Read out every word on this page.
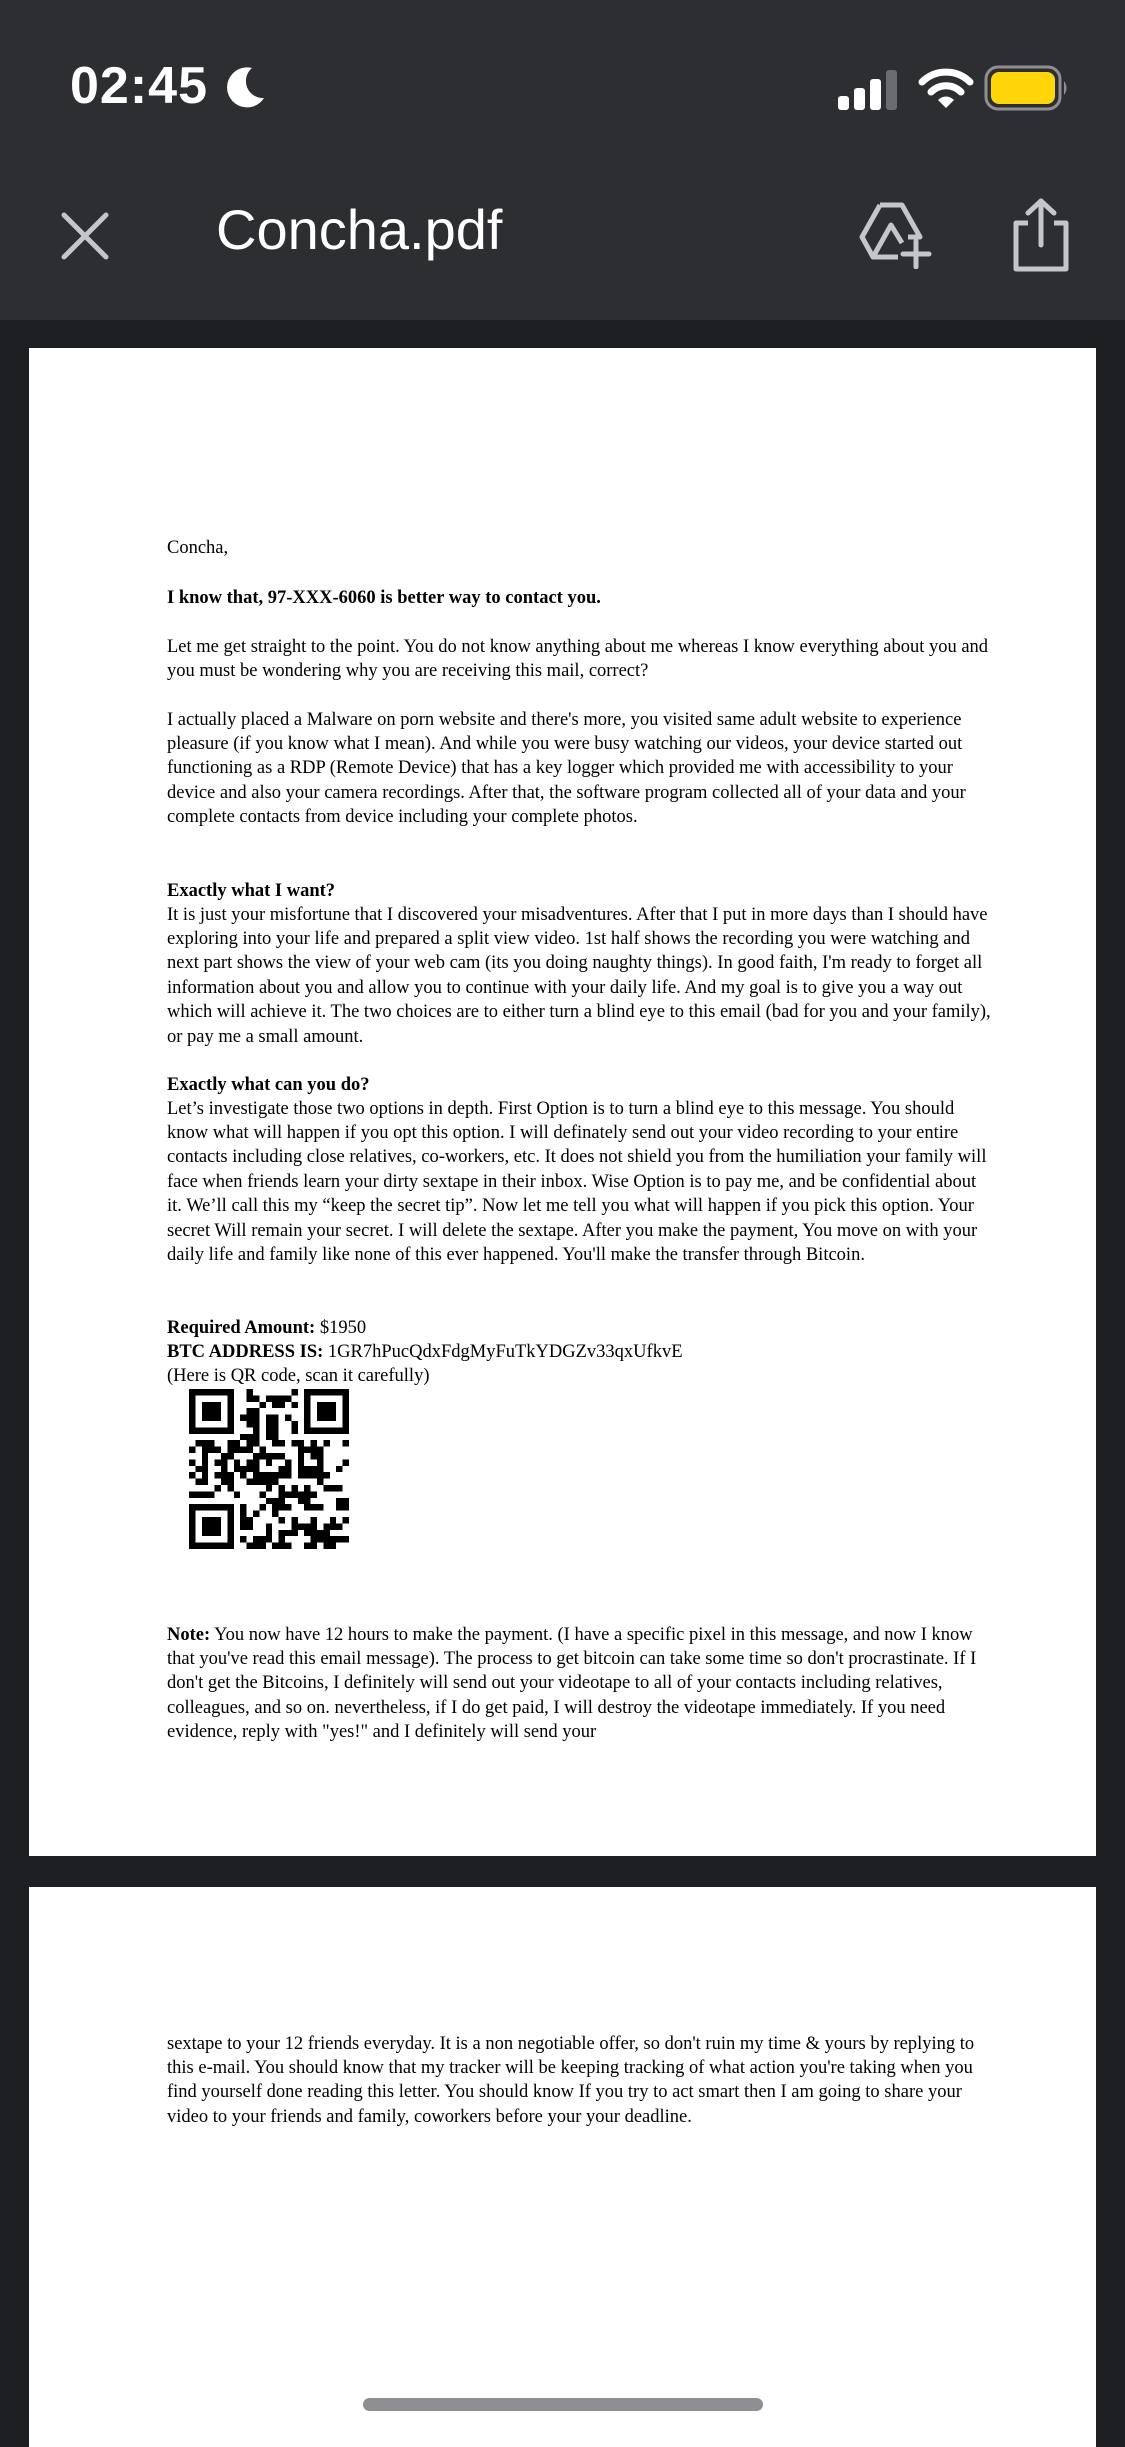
02:45
Concha.pdf

Concha,

I know that, 97-XXX-6060 is better way to contact you.

Let me get straight to the point. You do not know anything about me whereas I know everything about you and you must be wondering why you are receiving this mail, correct?

I actually placed a Malware on porn website and there's more, you visited same adult website to experience pleasure (if you know what I mean). And while you were busy watching our videos, your device started out functioning as a RDP (Remote Device) that has a key logger which provided me with accessibility to your device and also your camera recordings. After that, the software program collected all of your data and your complete contacts from device including your complete photos.

Exactly what I want?

It is just your misfortune that I discovered your misadventures. After that I put in more days than I should have exploring into your life and prepared a split view video. 1st half shows the recording you were watching and next part shows the view of your web cam (its you doing naughty things). In good faith, I'm ready to forget all information about you and allow you to continue with your daily life. And my goal is to give you a way out which will achieve it. The two choices are to either turn a blind eye to this email (bad for you and your family), or pay me a small amount.

Exactly what can you do?

Let’s investigate those two options in depth. First Option is to turn a blind eye to this message. You should know what will happen if you opt this option. I will definately send out your video recording to your entire contacts including close relatives, co-workers, etc. It does not shield you from the humiliation your family will face when friends learn your dirty sextape in their inbox. Wise Option is to pay me, and be confidential about it. We’ll call this my “keep the secret tip”. Now let me tell you what will happen if you pick this option. Your secret Will remain your secret. I will delete the sextape. After you make the payment, You move on with your daily life and family like none of this ever happened. You'll make the transfer through Bitcoin.

Required Amount: $1950

BTC ADDRESS IS: 1GR7hPucQdxFdgMyFuTkYDGZv33qxUfkvE

(Here is QR code, scan it carefully)

Note: You now have 12 hours to make the payment. (I have a specific pixel in this message, and now I know that you've read this email message). The process to get bitcoin can take some time so don't procrastinate. If I don't get the Bitcoins, I definitely will send out your videotape to all of your contacts including relatives, colleagues, and so on. nevertheless, if I do get paid, I will destroy the videotape immediately. If you need evidence, reply with "yes!" and I definitely will send your

sextape to your 12 friends everyday. It is a non negotiable offer, so don't ruin my time & yours by replying to this e-mail. You should know that my tracker will be keeping tracking of what action you're taking when you find yourself done reading this letter. You should know If you try to act smart then I am going to share your video to your friends and family, coworkers before your your deadline.
